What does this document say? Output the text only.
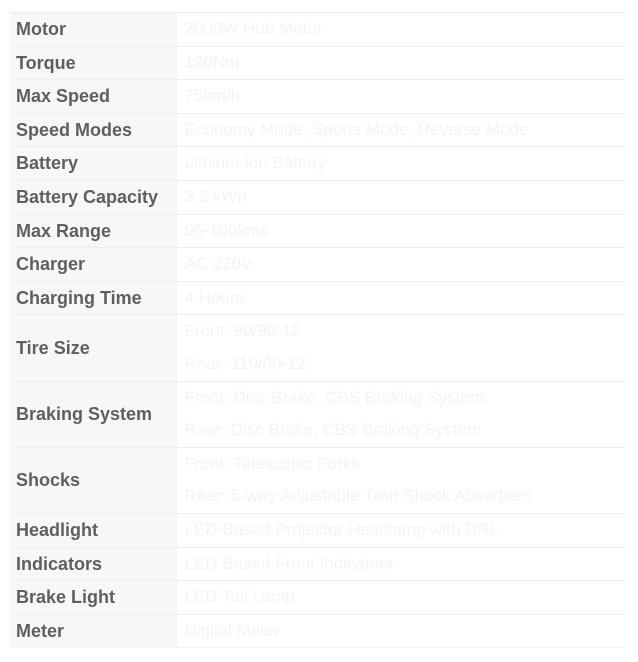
Motor	2000W Hub Motor

Torque	120Nm

Max Speed	75km/h

Speed Modes	Economy Mode, Sports Mode, Reverse Mode

Battery	Lithium-ion Battery

Battery Capacity	3.2 kWh

Max Range	95-100kms

Charger	AC 220V

Charging Time	4 Hours

Tire Size	Front: 90/90-12
Rear: 110/80-12

Braking System	Front: Disc Brake, CBS Braking System
Rear: Disc Brake, CBS Braking System

Shocks	Front: Telescopic Forks
Rear: 5-way Adjustable Twin Shock Absorbers

Headlight	LED Based Projector Headlamp with DRL

Indicators	LED Based Front Indicators

Brake Light	LED Tail Lamp

Meter	Digital Meter
